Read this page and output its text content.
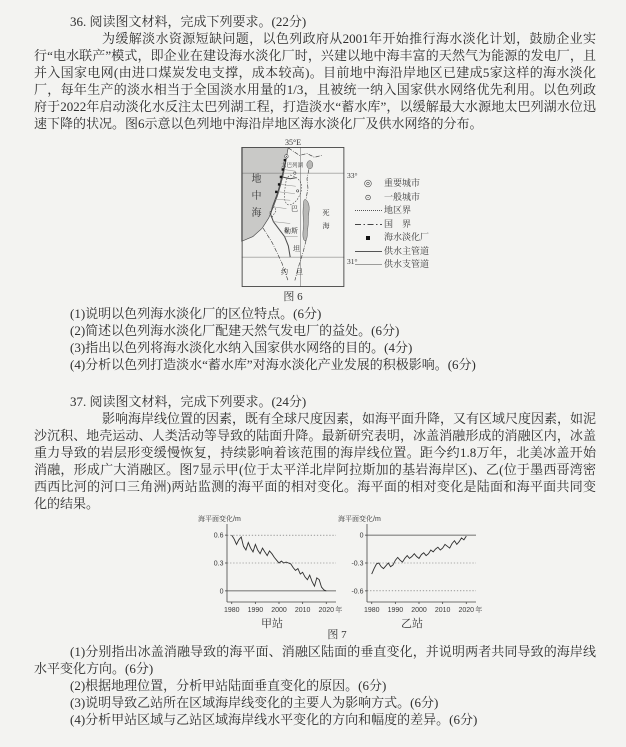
36. 阅读图文材料，完成下列要求。(22分)

为缓解淡水资源短缺问题，以色列政府从2001年开始推行海水淡化计划，鼓励企业实行“电水联产”模式，即企业在建设海水淡化厂时，兴建以地中海丰富的天然气为能源的发电厂，且并入国家电网(由进口煤炭发电支撑，成本较高)。目前地中海沿岸地区已建成5家这样的海水淡化厂，每年生产的淡水相当于全国淡水用量的1/3，且被统一纳入国家供水网络优先利用。以色列政府于2022年启动淡化水反注太巴列湖工程，打造淡水“蓄水库”，以缓解最大水源地太巴列湖水位迅速下降的状况。图6示意以色列地中海沿岸地区海水淡化厂及供水网络的分布。

35°E
33°
31°
地中海
太巴列湖
巴
勒斯
坦
死海
约旦
◎ 重要城市
⊙ 一般城市
地区界
国　界
海水淡化厂
供水主管道
供水支管道
图 6

(1)说明以色列海水淡化厂的区位特点。(6分)

(2)简述以色列海水淡化厂配建天然气发电厂的益处。(6分)

(3)指出以色列将海水淡化水纳入国家供水网络的目的。(4分)

(4)分析以色列打造淡水“蓄水库”对海水淡化产业发展的积极影响。(6分)

37. 阅读图文材料，完成下列要求。(24分)

影响海岸线位置的因素，既有全球尺度因素，如海平面升降，又有区域尺度因素，如泥沙沉积、地壳运动、人类活动等导致的陆面升降。最新研究表明，冰盖消融形成的消融区内，冰盖重力导致的岩层形变缓慢恢复，持续影响着该范围的海岸线位置。距今约1.8万年，北美冰盖开始消融，形成广大消融区。图7显示甲(位于太平洋北岸阿拉斯加的基岩海岸区)、乙(位于墨西哥湾密西西比河的河口三角洲)两站监测的海平面的相对变化。海平面的相对变化是陆面和海平面共同变化的结果。

海平面变化/m
0
0.3
0.6
1980 1990 2000 2010 2020 年
甲站
海平面变化/m
0
-0.3
-0.6
1980 1990 2000 2010 2020 年
乙站
图 7

(1)分别指出冰盖消融导致的海平面、消融区陆面的垂直变化，并说明两者共同导致的海岸线水平变化方向。(6分)

(2)根据地理位置，分析甲站陆面垂直变化的原因。(6分)

(3)说明导致乙站所在区域海岸线变化的主要人为影响方式。(6分)

(4)分析甲站区域与乙站区域海岸线水平变化的方向和幅度的差异。(6分)
